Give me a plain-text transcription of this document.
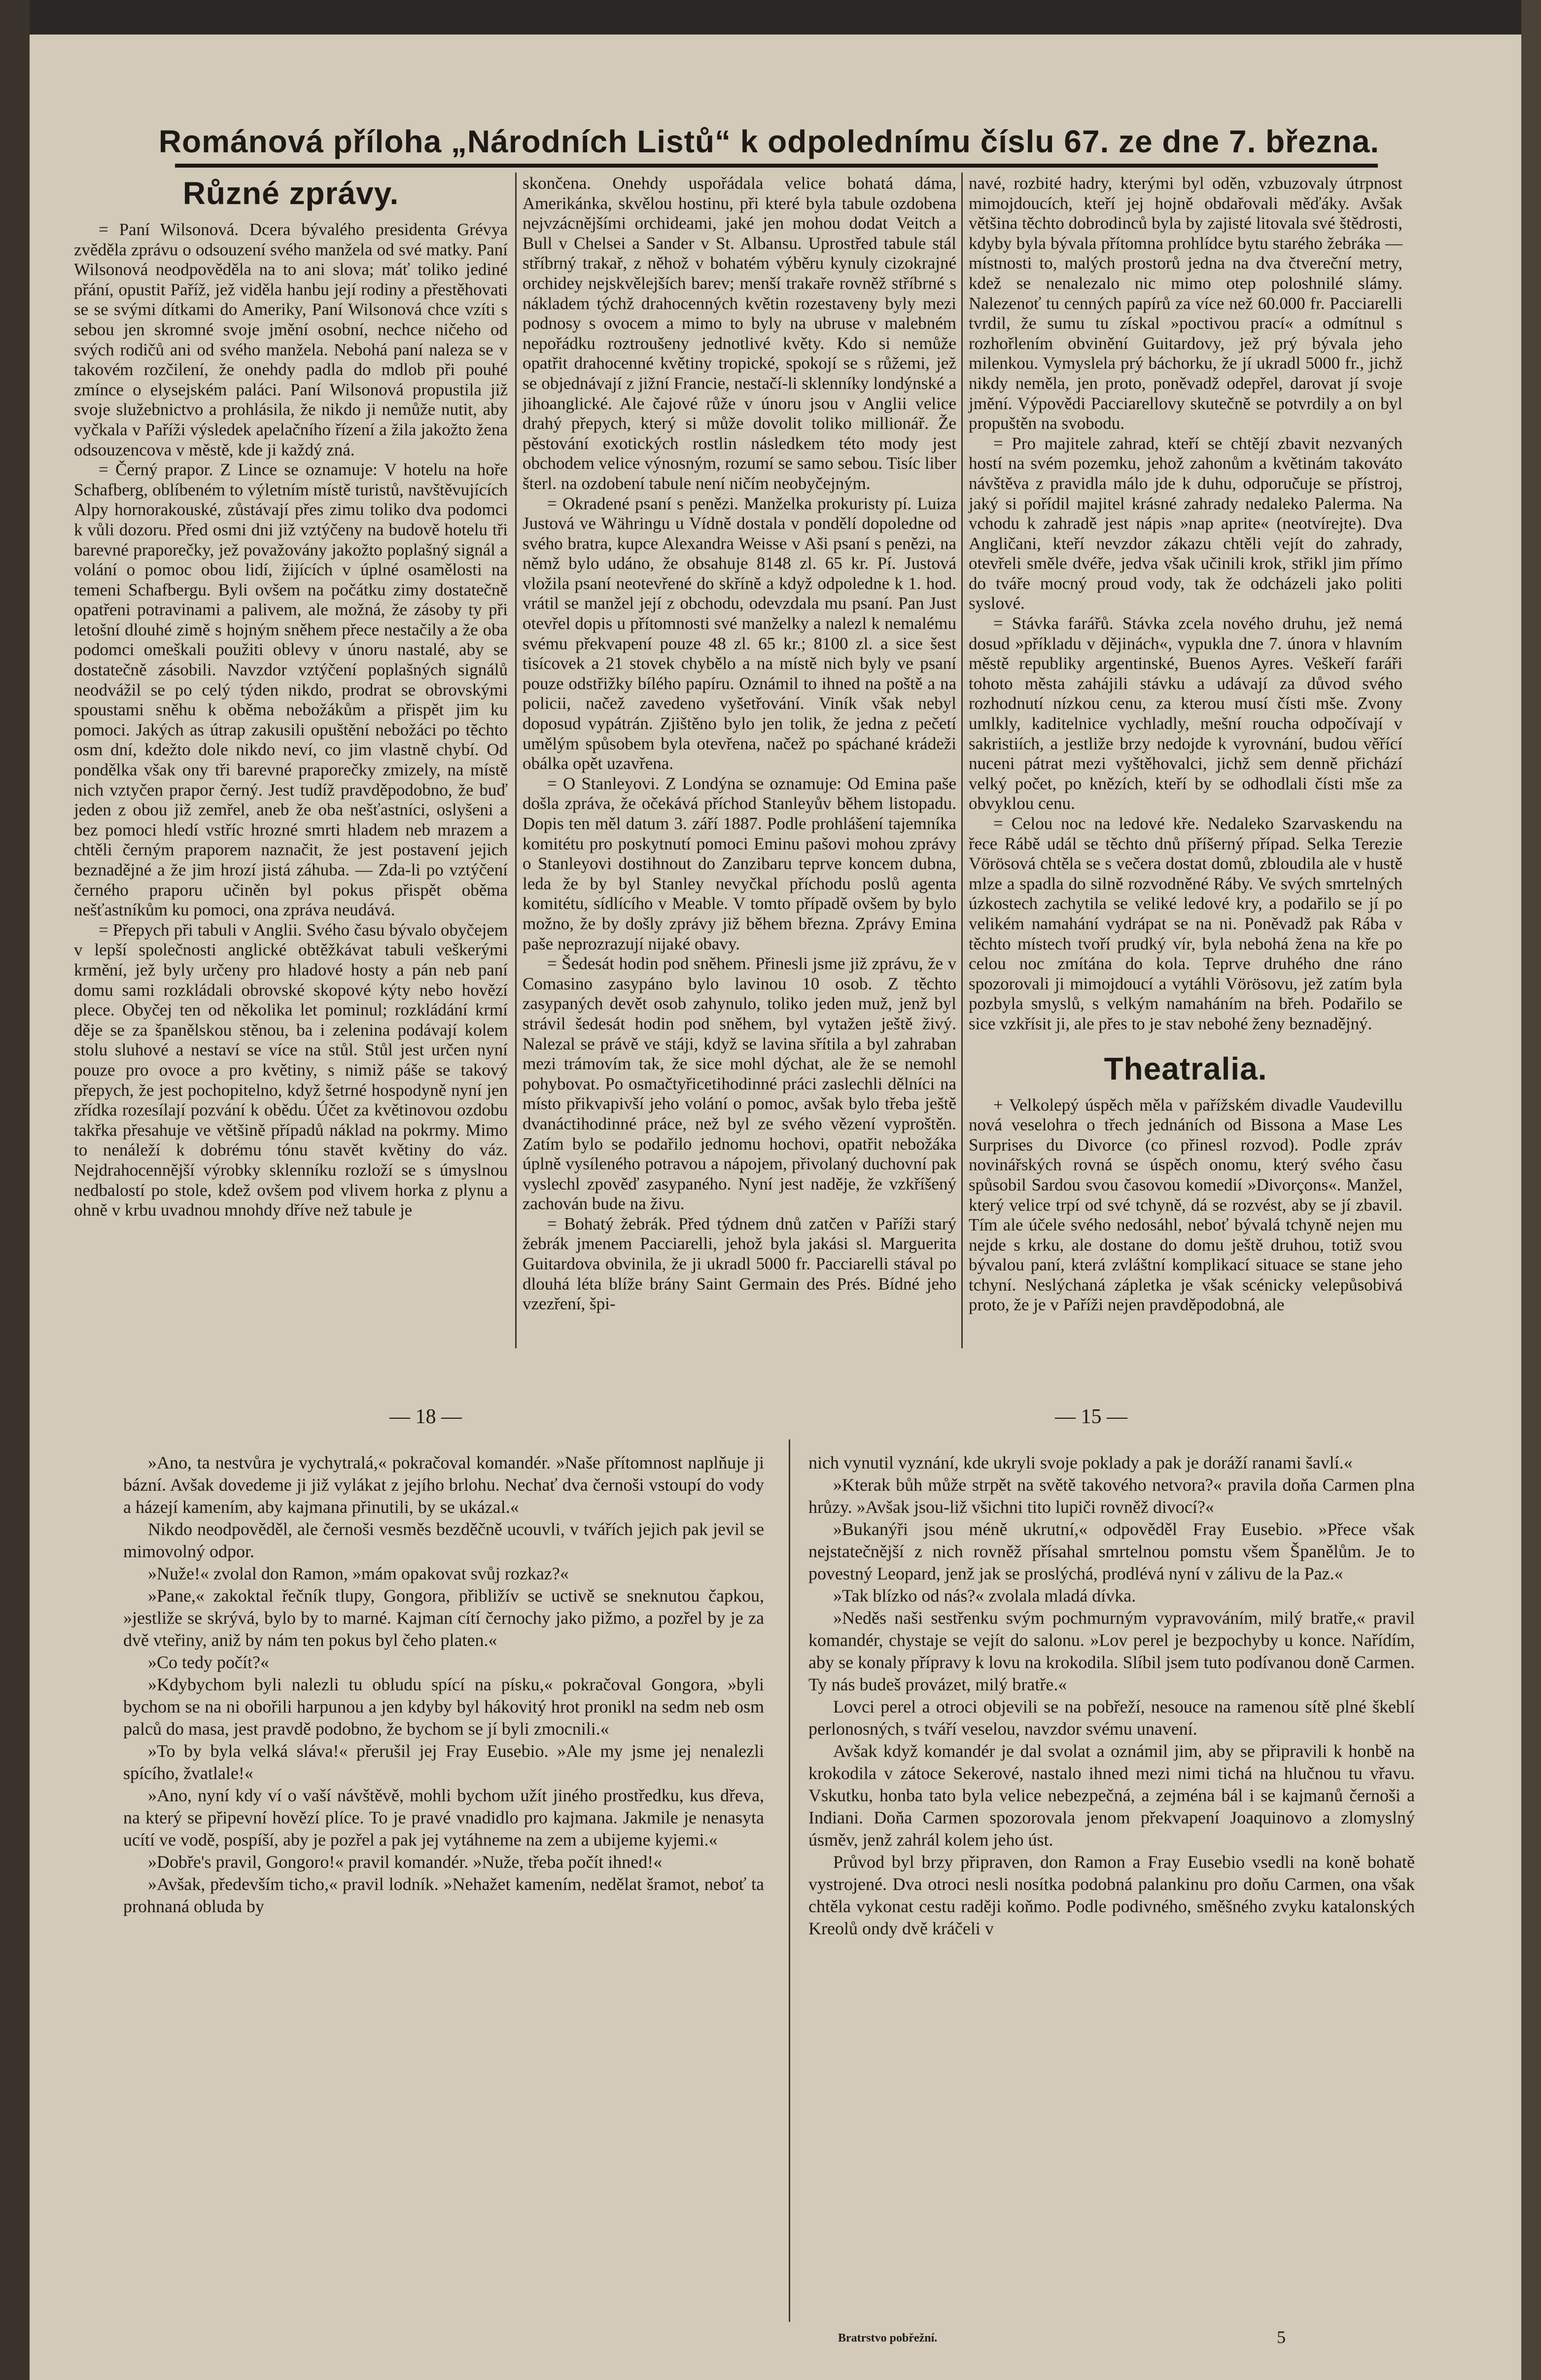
Románová příloha „Národních Listů“ k odpolednímu číslu 67. ze dne 7. března.
Různé zprávy.

= Paní Wilsonová. Dcera bývalého presidenta Grévya zvěděla zprávu o odsouzení svého manžela od své matky. Paní Wilsonová neodpověděla na to ani slova; máť toliko jediné přání, opustit Paříž, jež viděla hanbu její rodiny a přestěhovati se se svými dítkami do Ameriky, Paní Wilsonová chce vzíti s sebou jen skromné svoje jmění osobní, nechce ničeho od svých rodičů ani od svého manžela. Nebohá paní naleza se v takovém rozčilení, že onehdy padla do mdlob při pouhé zmínce o elysejském paláci. Paní Wilsonová propustila již svoje služebnictvo a prohlásila, že nikdo ji nemůže nutit, aby vyčkala v Paříži výsledek apelačního řízení a žila jakožto žena odsouzencova v městě, kde ji každý zná.

= Černý prapor. Z Lince se oznamuje: V hotelu na hoře Schafberg, oblíbeném to výletním místě turistů, navštěvujících Alpy hornorakouské, zůstávají přes zimu toliko dva podomci k vůli dozoru. Před osmi dni již vztýčeny na budově hotelu tři barevné praporečky, jež považovány jakožto poplašný signál a volání o pomoc obou lidí, žijících v úplné osamělosti na temeni Schafbergu. Byli ovšem na počátku zimy dostatečně opatřeni potravinami a palivem, ale možná, že zásoby ty při letošní dlouhé zimě s hojným sněhem přece nestačily a že oba podomci omeškali použiti oblevy v únoru nastalé, aby se dostatečně zásobili. Navzdor vztýčení poplašných signálů neodvážil se po celý týden nikdo, prodrat se obrovskými spoustami sněhu k oběma nebožákům a přispět jim ku pomoci. Jakých as útrap zakusili opuštění nebožáci po těchto osm dní, kdežto dole nikdo neví, co jim vlastně chybí. Od pondělka však ony tři barevné praporečky zmizely, na místě nich vztyčen prapor černý. Jest tudíž pravděpodobno, že buď jeden z obou již zemřel, aneb že oba nešťastníci, oslyšeni a bez pomoci hledí vstříc hrozné smrti hladem neb mrazem a chtěli černým praporem naznačit, že jest postavení jejich beznadějné a že jim hrozí jistá záhuba. — Zda-li po vztýčení černého praporu učiněn byl pokus přispět oběma nešťastníkům ku pomoci, ona zpráva neudává.

= Přepych při tabuli v Anglii. Svého času bývalo obyčejem v lepší společnosti anglické obtěžkávat tabuli veškerými krmění, jež byly určeny pro hladové hosty a pán neb paní domu sami rozkládali obrovské skopové kýty nebo hovězí plece. Obyčej ten od několika let pominul; rozkládání krmí děje se za španělskou stěnou, ba i zelenina podávají kolem stolu sluhové a nestaví se více na stůl. Stůl jest určen nyní pouze pro ovoce a pro květiny, s nimiž páše se takový přepych, že jest pochopitelno, když šetrné hospodyně nyní jen zřídka rozesílají pozvání k obědu. Účet za květinovou ozdobu takřka přesahuje ve většině případů náklad na pokrmy. Mimo to nenáleží k dobrému tónu stavět květiny do váz. Nejdrahocennější výrobky sklenníku rozloží se s úmyslnou nedbalostí po stole, kdež ovšem pod vlivem horka z plynu a ohně v krbu uvadnou mnohdy dříve než tabule je

skončena. Onehdy uspořádala velice bohatá dáma, Amerikánka, skvělou hostinu, při které byla tabule ozdobena nejvzácnějšími orchideami, jaké jen mohou dodat Veitch a Bull v Chelsei a Sander v St. Albansu. Uprostřed tabule stál stříbrný trakař, z něhož v bohatém výběru kynuly cizokrajné orchidey nejskvělejších barev; menší trakaře rovněž stříbrné s nákladem týchž drahocenných květin rozestaveny byly mezi podnosy s ovocem a mimo to byly na ubruse v malebném nepořádku roztroušeny jednotlivé květy. Kdo si nemůže opatřit drahocenné květiny tropické, spokojí se s růžemi, jež se objednávají z jižní Francie, nestačí-li sklenníky londýnské a jihoanglické. Ale čajové růže v únoru jsou v Anglii velice drahý přepych, který si může dovolit toliko millionář. Že pěstování exotických rostlin následkem této mody jest obchodem velice výnosným, rozumí se samo sebou. Tisíc liber šterl. na ozdobení tabule není ničím neobyčejným.

= Okradené psaní s penězi. Manželka prokuristy pí. Luiza Justová ve Währingu u Vídně dostala v pondělí dopoledne od svého bratra, kupce Alexandra Weisse v Aši psaní s penězi, na němž bylo udáno, že obsahuje 8148 zl. 65 kr. Pí. Justová vložila psaní neotevřené do skříně a když odpoledne k 1. hod. vrátil se manžel její z obchodu, odevzdala mu psaní. Pan Just otevřel dopis u přítomnosti své manželky a nalezl k nemalému svému překvapení pouze 48 zl. 65 kr.; 8100 zl. a sice šest tisícovek a 21 stovek chybělo a na místě nich byly ve psaní pouze odstřižky bílého papíru. Oznámil to ihned na poště a na policii, načež zavedeno vyšetřování. Viník však nebyl doposud vypátrán. Zjištěno bylo jen tolik, že jedna z pečetí umělým spůsobem byla otevřena, načež po spáchané krádeži obálka opět uzavřena.

= O Stanleyovi. Z Londýna se oznamuje: Od Emina paše došla zpráva, že očekává příchod Stanleyův během listopadu. Dopis ten měl datum 3. září 1887. Podle prohlášení tajemníka komitétu pro poskytnutí pomoci Eminu pašovi mohou zprávy o Stanleyovi dostihnout do Zanzibaru teprve koncem dubna, leda že by byl Stanley nevyčkal příchodu poslů agenta komitétu, sídlícího v Meable. V tomto případě ovšem by bylo možno, že by došly zprávy již během března. Zprávy Emina paše neprozrazují nijaké obavy.

= Šedesát hodin pod sněhem. Přinesli jsme již zprávu, že v Comasino zasypáno bylo lavinou 10 osob. Z těchto zasypaných devět osob zahynulo, toliko jeden muž, jenž byl strávil šedesát hodin pod sněhem, byl vytažen ještě živý. Nalezal se právě ve stáji, když se lavina sřítila a byl zahraban mezi trámovím tak, že sice mohl dýchat, ale že se nemohl pohybovat. Po osmačtyřicetihodinné práci zaslechli dělníci na místo přikvapivší jeho volání o pomoc, avšak bylo třeba ještě dvanáctihodinné práce, než byl ze svého vězení vyproštěn. Zatím bylo se podařilo jednomu hochovi, opatřit nebožáka úplně vysíleného potravou a nápojem, přivolaný duchovní pak vyslechl zpověď zasypaného. Nyní jest naděje, že vzkříšený zachován bude na živu.

= Bohatý žebrák. Před týdnem dnů zatčen v Paříži starý žebrák jmenem Pacciarelli, jehož byla jakási sl. Marguerita Guitardova obvinila, že ji ukradl 5000 fr. Pacciarelli stával po dlouhá léta blíže brány Saint Germain des Prés. Bídné jeho vzezření, špi-

navé, rozbité hadry, kterými byl oděn, vzbuzovaly útrpnost mimojdoucích, kteří jej hojně obdařovali měďáky. Avšak většina těchto dobrodinců byla by zajisté litovala své štědrosti, kdyby byla bývala přítomna prohlídce bytu starého žebráka — místnosti to, malých prostorů jedna na dva čtvereční metry, kdež se nenalezalo nic mimo otep poloshnilé slámy. Nalezenoť tu cenných papírů za více než 60.000 fr. Pacciarelli tvrdil, že sumu tu získal »poctivou prací« a odmítnul s rozhořlením obvinění Guitardovy, jež prý bývala jeho milenkou. Vymyslela prý báchorku, že jí ukradl 5000 fr., jichž nikdy neměla, jen proto, poněvadž odepřel, darovat jí svoje jmění. Výpovědi Pacciarellovy skutečně se potvrdily a on byl propuštěn na svobodu.

= Pro majitele zahrad, kteří se chtějí zbavit nezvaných hostí na svém pozemku, jehož zahonům a květinám takováto návštěva z pravidla málo jde k duhu, odporučuje se přístroj, jaký si pořídil majitel krásné zahrady nedaleko Palerma. Na vchodu k zahradě jest nápis »nap aprite« (neotvírejte). Dva Angličani, kteří nevzdor zákazu chtěli vejít do zahrady, otevřeli směle dvéře, jedva však učinili krok, střikl jim přímo do tváře mocný proud vody, tak že odcházeli jako politi syslové.

= Stávka farářů. Stávka zcela nového druhu, jež nemá dosud »příkladu v dějinách«, vypukla dne 7. února v hlavním městě republiky argentinské, Buenos Ayres. Veškeří faráři tohoto města zahájili stávku a udávají za důvod svého rozhodnutí nízkou cenu, za kterou musí čísti mše. Zvony umlkly, kaditelnice vychladly, mešní roucha odpočívají v sakristiích, a jestliže brzy nedojde k vyrovnání, budou věřící nuceni pátrat mezi vyštěhovalci, jichž sem denně přichází velký počet, po knězích, kteří by se odhodlali čísti mše za obvyklou cenu.

= Celou noc na ledové kře. Nedaleko Szarvaskendu na řece Rábě udál se těchto dnů příšerný případ. Selka Terezie Vörösová chtěla se s večera dostat domů, zbloudila ale v hustě mlze a spadla do silně rozvodněné Ráby. Ve svých smrtelných úzkostech zachytila se veliké ledové kry, a podařilo se jí po velikém namahání vydrápat se na ni. Poněvadž pak Rába v těchto místech tvoří prudký vír, byla nebohá žena na kře po celou noc zmítána do kola. Teprve druhého dne ráno spozorovali ji mimojdoucí a vytáhli Vörösovu, jež zatím byla pozbyla smyslů, s velkým namaháním na břeh. Podařilo se sice vzkřísit ji, ale přes to je stav nebohé ženy beznadějný.

Theatralia.

+ Velkolepý úspěch měla v pařížském divadle Vaudevillu nová veselohra o třech jednáních od Bissona a Mase Les Surprises du Divorce (co přinesl rozvod). Podle zpráv novinářských rovná se úspěch onomu, který svého času spůsobil Sardou svou časovou komedií »Divorçons«. Manžel, který velice trpí od své tchyně, dá se rozvést, aby se jí zbavil. Tím ale účele svého nedosáhl, neboť bývalá tchyně nejen mu nejde s krku, ale dostane do domu ještě druhou, totiž svou bývalou paní, která zvláštní komplikací situace se stane jeho tchyní. Neslýchaná zápletka je však scénicky velepůsobivá proto, že je v Paříži nejen pravděpodobná, ale

— 18 —	— 15 —

»Ano, ta nestvůra je vychytralá,« pokračoval komandér. »Naše přítomnost naplňuje ji bázní. Avšak dovedeme ji již vylákat z jejího brlohu. Nechať dva černoši vstoupí do vody a házejí kamením, aby kajmana přinutili, by se ukázal.«

Nikdo neodpověděl, ale černoši vesměs bezděčně ucouvli, v tvářích jejich pak jevil se mimovolný odpor.

»Nuže!« zvolal don Ramon, »mám opakovat svůj rozkaz?«

»Pane,« zakoktal řečník tlupy, Gongora, přibližív se uctivě se sneknutou čapkou, »jestliže se skrývá, bylo by to marné. Kajman cítí černochy jako pižmo, a pozřel by je za dvě vteřiny, aniž by nám ten pokus byl čeho platen.«

»Co tedy počít?«

»Kdybychom byli nalezli tu obludu spící na písku,« pokračoval Gongora, »byli bychom se na ni obořili harpunou a jen kdyby byl hákovitý hrot pronikl na sedm neb osm palců do masa, jest pravdě podobno, že bychom se jí byli zmocnili.«

»To by byla velká sláva!« přerušil jej Fray Eusebio. »Ale my jsme jej nenalezli spícího, žvatlale!«

»Ano, nyní kdy ví o vaší návštěvě, mohli bychom užít jiného prostředku, kus dřeva, na který se připevní hovězí plíce. To je pravé vnadidlo pro kajmana. Jakmile je nenasyta ucítí ve vodě, pospíší, aby je pozřel a pak jej vytáhneme na zem a ubijeme kyjemi.«

»Dobře's pravil, Gongoro!« pravil komandér. »Nuže, třeba počít ihned!«

»Avšak, především ticho,« pravil lodník. »Nehažet kamením, nedělat šramot, neboť ta prohnaná obluda by

nich vynutil vyznání, kde ukryli svoje poklady a pak je doráží ranami šavlí.«

»Kterak bůh může strpět na světě takového netvora?« pravila doňa Carmen plna hrůzy. »Avšak jsou-liž všichni tito lupiči rovněž divocí?«

»Bukanýři jsou méně ukrutní,« odpověděl Fray Eusebio. »Přece však nejstatečnější z nich rovněž přísahal smrtelnou pomstu všem Španělům. Je to povestný Leopard, jenž jak se proslýchá, prodlévá nyní v zálivu de la Paz.«

»Tak blízko od nás?« zvolala mladá dívka.

»Neděs naši sestřenku svým pochmurným vypravováním, milý bratře,« pravil komandér, chystaje se vejít do salonu. »Lov perel je bezpochyby u konce. Nařídím, aby se konaly přípravy k lovu na krokodila. Slíbil jsem tuto podívanou doně Carmen. Ty nás budeš provázet, milý bratře.«

Lovci perel a otroci objevili se na pobřeží, nesouce na ramenou sítě plné škeblí perlonosných, s tváří veselou, navzdor svému unavení.

Avšak když komandér je dal svolat a oznámil jim, aby se připravili k honbě na krokodila v zátoce Sekerové, nastalo ihned mezi nimi tichá na hlučnou tu vřavu. Vskutku, honba tato byla velice nebezpečná, a zejména bál i se kajmanů černoši a Indiani. Doňa Carmen spozorovala jenom překvapení Joaquinovo a zlomyslný úsměv, jenž zahrál kolem jeho úst.

Průvod byl brzy připraven, don Ramon a Fray Eusebio vsedli na koně bohatě vystrojené. Dva otroci nesli nosítka podobná palankinu pro doňu Carmen, ona však chtěla vykonat cestu raději koňmo. Podle podivného, směšného zvyku katalonských Kreolů ondy dvě kráčeli v

Bratrstvo pobřežní.	5
